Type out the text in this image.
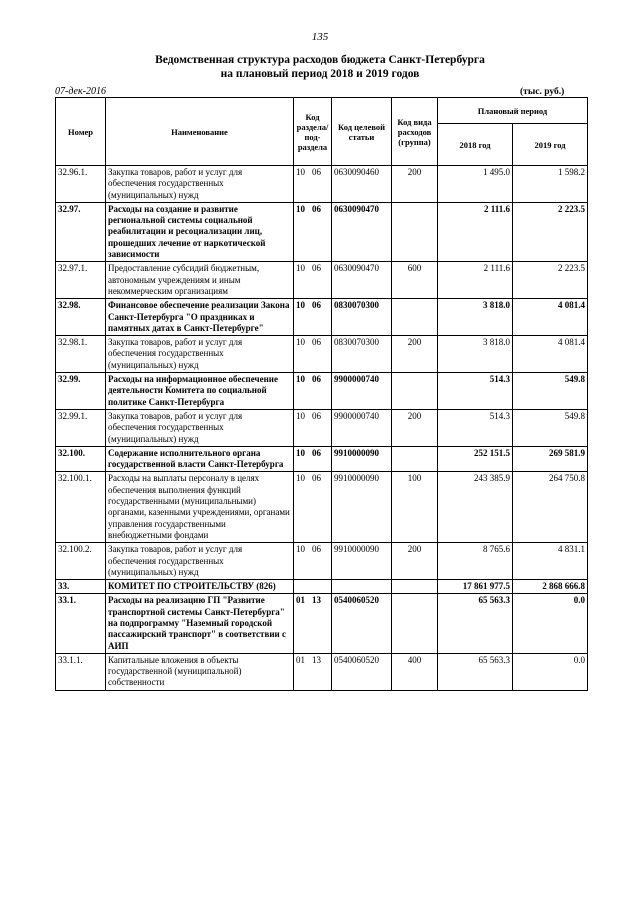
135
Ведомственная структура расходов бюджета Санкт-Петербурга
на плановый период 2018 и 2019 годов
07-дек-2016	(тыс. руб.)
Номер	Наименование	Код раздела/ под-раздела	Код целевой статьи	Код вида расходов (группа)	Плановый период	
					2018 год	2019 год
32.96.1.	Закупка товаров, работ и услуг для обеспечения государственных (муниципальных) нужд	10 06	0630090460	200	1 495.0	1 598.2
32.97.	Расходы на создание и развитие региональной системы социальной реабилитации и ресоциализации лиц, прошедших лечение от наркотической зависимости	10 06	0630090470		2 111.6	2 223.5
32.97.1.	Предоставление субсидий бюджетным, автономным учреждениям и иным некоммерческим организациям	10 06	0630090470	600	2 111.6	2 223.5
32.98.	Финансовое обеспечение реализации Закона Санкт-Петербурга "О праздниках и памятных датах в Санкт-Петербурге"	10 06	0830070300		3 818.0	4 081.4
32.98.1.	Закупка товаров, работ и услуг для обеспечения государственных (муниципальных) нужд	10 06	0830070300	200	3 818.0	4 081.4
32.99.	Расходы на информационное обеспечение деятельности Комитета по социальной политике Санкт-Петербурга	10 06	9900000740		514.3	549.8
32.99.1.	Закупка товаров, работ и услуг для обеспечения государственных (муниципальных) нужд	10 06	9900000740	200	514.3	549.8
32.100.	Содержание исполнительного органа государственной власти Санкт-Петербурга	10 06	9910000090		252 151.5	269 581.9
32.100.1.	Расходы на выплаты персоналу в целях обеспечения выполнения функций государственными (муниципальными) органами, казенными учреждениями, органами управления государственными внебюджетными фондами	10 06	9910000090	100	243 385.9	264 750.8
32.100.2.	Закупка товаров, работ и услуг для обеспечения государственных (муниципальных) нужд	10 06	9910000090	200	8 765.6	4 831.1
33.	КОМИТЕТ ПО СТРОИТЕЛЬСТВУ (826)				17 861 977.5	2 868 666.8
33.1.	Расходы на реализацию ГП "Развитие транспортной системы Санкт-Петербурга" на подпрограмму "Наземный городской пассажирский транспорт" в соответствии с АИП	01 13	0540060520		65 563.3	0.0
33.1.1.	Капитальные вложения в объекты государственной (муниципальной) собственности	01 13	0540060520	400	65 563.3	0.0
